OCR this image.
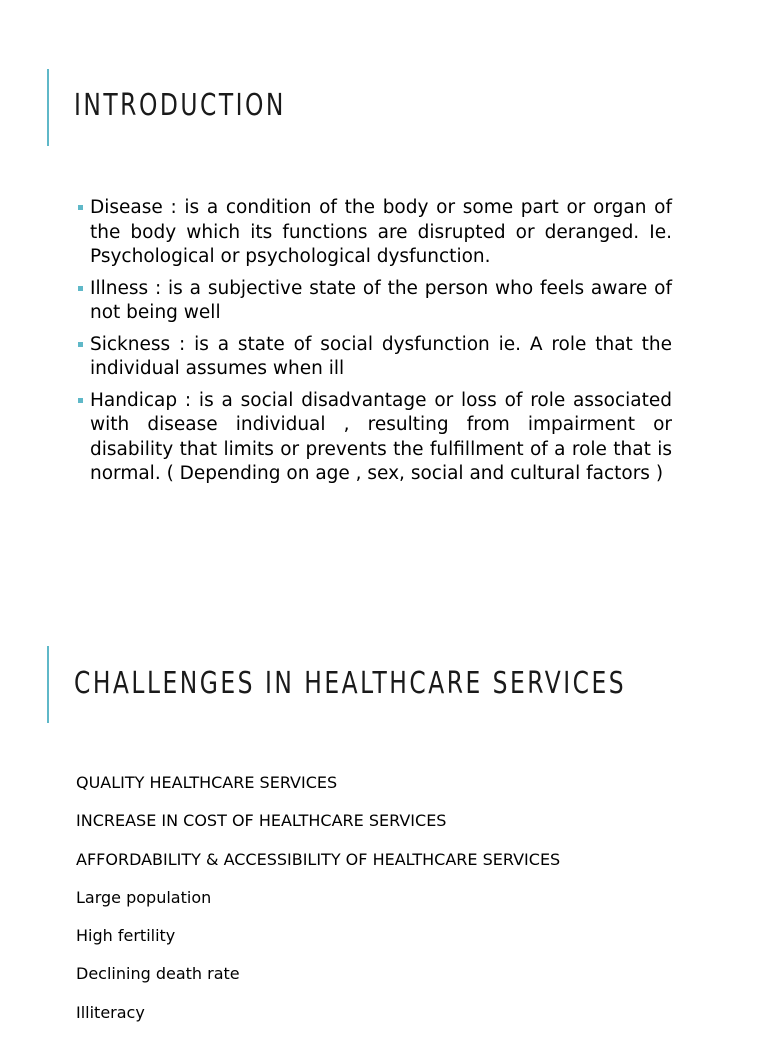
INTRODUCTION
Disease : is a condition of the body or some part or organ of the body which its functions are disrupted or deranged. Ie. Psychological or psychological dysfunction.
Illness : is a subjective state of the person who feels aware of not being well
Sickness : is a state of social dysfunction ie. A role that the individual assumes when ill
Handicap : is a social disadvantage or loss of role associated with disease individual , resulting from impairment or disability that limits or prevents the fulfillment of a role that is normal. ( Depending on age , sex, social and cultural factors )
CHALLENGES IN HEALTHCARE SERVICES
QUALITY HEALTHCARE SERVICES
INCREASE IN COST OF HEALTHCARE SERVICES
AFFORDABILITY & ACCESSIBILITY OF HEALTHCARE SERVICES
Large population
High fertility
Declining death rate
Illiteracy
